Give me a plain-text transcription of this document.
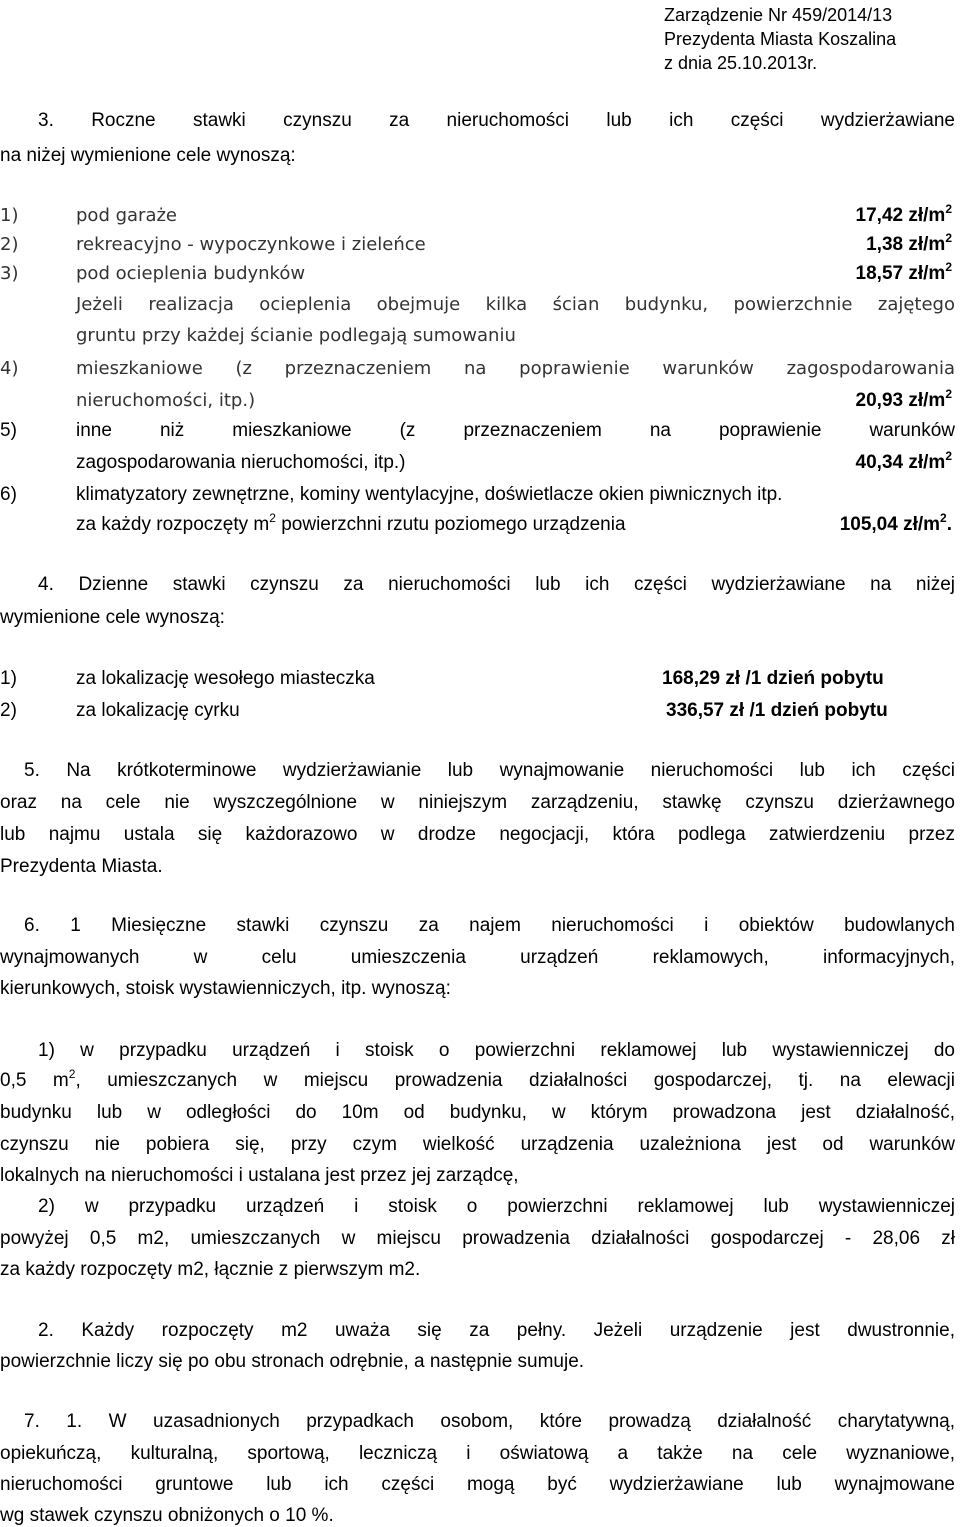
Zarządzenie Nr 459/2014/13
Prezydenta Miasta Koszalina
z dnia 25.10.2013r.
3. Roczne stawki czynszu za nieruchomości lub ich części wydzierżawiane
na niżej wymienione cele wynoszą:
1)	pod garaże	17,42 $zł/m^2$
2)	rekreacyjno - wypoczynkowe i zieleńce	1,38 $zł/m^2$
3)	pod ocieplenia budynków	18,57 $zł/m^2$
Jeżeli realizacja ocieplenia obejmuje kilka ścian budynku, powierzchnie zajętego
gruntu przy każdej ścianie podlegają sumowaniu
4)	mieszkaniowe (z przeznaczeniem na poprawienie warunków zagospodarowania
nieruchomości, itp.)	20,93 $zł/m^2$
5)	inne niż mieszkaniowe (z przeznaczeniem na poprawienie warunków
zagospodarowania nieruchomości, itp.)	40,34 $zł/m^2$
6)	klimatyzatory zewnętrzne, kominy wentylacyjne, doświetlacze okien piwnicznych itp.
za każdy rozpoczęty $m^2$ powierzchni rzutu poziomego urządzenia	105,04 $zł/m^2$.
4. Dzienne stawki czynszu za nieruchomości lub ich części wydzierżawiane na niżej
wymienione cele wynoszą:
1)	za lokalizację wesołego miasteczka	168,29 zł /1 dzień pobytu
2)	za lokalizację cyrku	336,57 zł /1 dzień pobytu
5. Na krótkoterminowe wydzierżawianie lub wynajmowanie nieruchomości lub ich części
oraz na cele nie wyszczególnione w niniejszym zarządzeniu, stawkę czynszu dzierżawnego
lub najmu ustala się każdorazowo w drodze negocjacji, która podlega zatwierdzeniu przez
Prezydenta Miasta.
6. 1 Miesięczne stawki czynszu za najem nieruchomości i obiektów budowlanych
wynajmowanych w celu umieszczenia urządzeń reklamowych, informacyjnych,
kierunkowych, stoisk wystawienniczych, itp. wynoszą:
1) w przypadku urządzeń i stoisk o powierzchni reklamowej lub wystawienniczej do
0,5 $m^2$, umieszczanych w miejscu prowadzenia działalności gospodarczej, tj. na elewacji
budynku lub w odległości do 10m od budynku, w którym prowadzona jest działalność,
czynszu nie pobiera się, przy czym wielkość urządzenia uzależniona jest od warunków
lokalnych na nieruchomości i ustalana jest przez jej zarządcę,
2) w przypadku urządzeń i stoisk o powierzchni reklamowej lub wystawienniczej
powyżej 0,5 m2, umieszczanych w miejscu prowadzenia działalności gospodarczej - 28,06 zł
za każdy rozpoczęty m2, łącznie z pierwszym m2.
2. Każdy rozpoczęty m2 uważa się za pełny. Jeżeli urządzenie jest dwustronnie,
powierzchnie liczy się po obu stronach odrębnie, a następnie sumuje.
7. 1. W uzasadnionych przypadkach osobom, które prowadzą działalność charytatywną,
opiekuńczą, kulturalną, sportową, leczniczą i oświatową a także na cele wyznaniowe,
nieruchomości gruntowe lub ich części mogą być wydzierżawiane lub wynajmowane
wg stawek czynszu obniżonych o 10 %.
